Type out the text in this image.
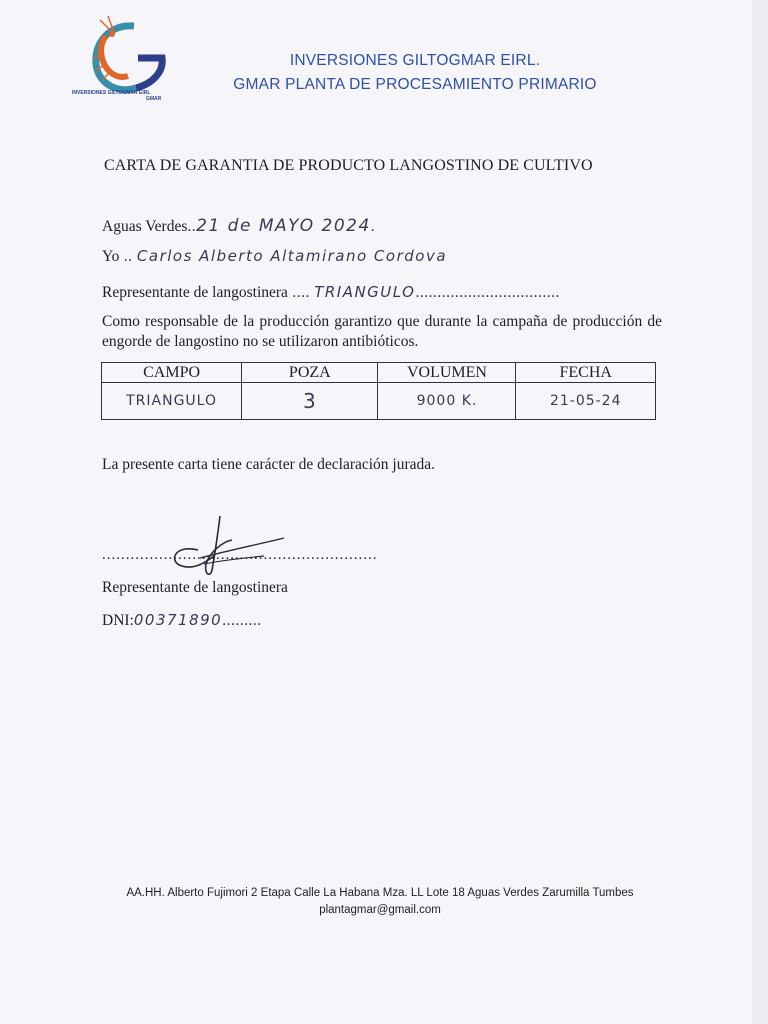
INVERSIONES GILTOGMAR EIRL
GMAR
INVERSIONES GILTOGMAR EIRL.
GMAR PLANTA DE PROCESAMIENTO PRIMARIO
CARTA DE GARANTIA DE PRODUCTO LANGOSTINO DE CULTIVO
Aguas Verdes..21 de MAYO 2024.
Yo .. Carlos Alberto Altamirano Cordova
Representante de langostinera .... TRIANGULO.................................
Como responsable de la producción garantizo que durante la campaña de producción de engorde de langostino no se utilizaron antibióticos.
CAMPO	POZA	VOLUMEN	FECHA
TRIANGULO	3	9000 K.	21-05-24
La presente carta tiene carácter de declaración jurada.
..........................................................
Representante de langostinera
DNI:00371890.........
AA.HH. Alberto Fujimori 2 Etapa Calle La Habana Mza. LL Lote 18 Aguas Verdes Zarumilla Tumbes
plantagmar@gmail.com
